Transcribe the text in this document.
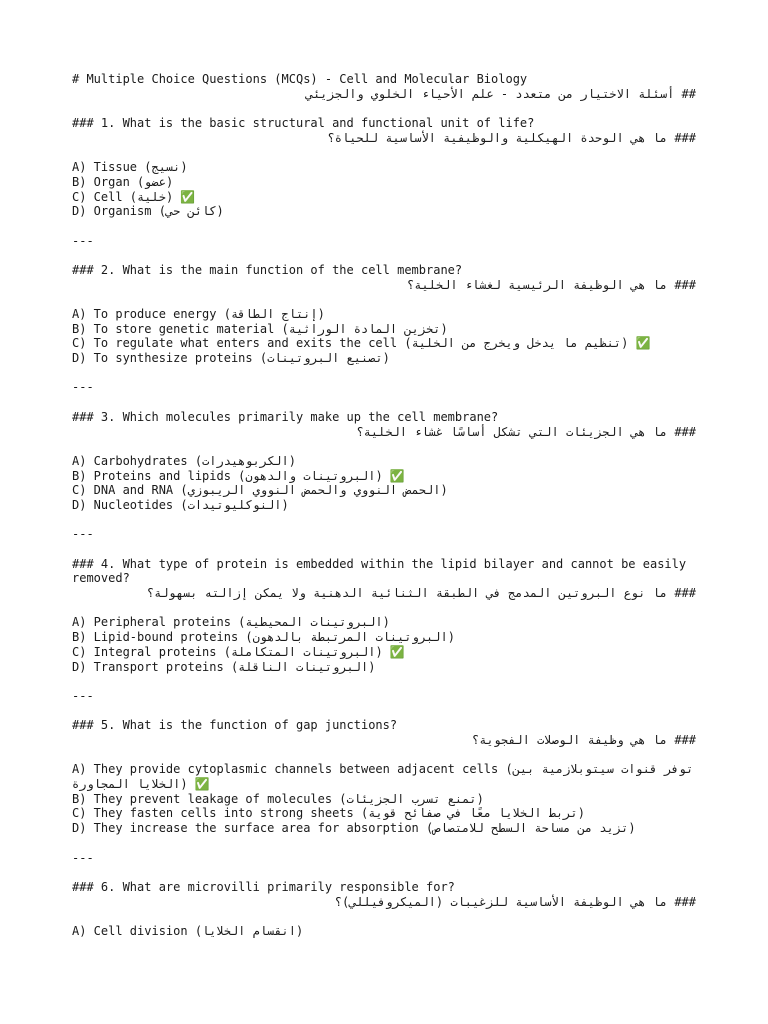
# Multiple Choice Questions (MCQs) - Cell and Molecular Biology
## أسئلة الاختيار من متعدد - علم الأحياء الخلوي والجزيئي
### 1. What is the basic structural and functional unit of life?
### ما هي الوحدة الهيكلية والوظيفية الأساسية للحياة؟
A) Tissue (نسيج)
B) Organ (عضو)
C) Cell (خلية) ✅
D) Organism (كائن حي)
---
### 2. What is the main function of the cell membrane?
### ما هي الوظيفة الرئيسية لغشاء الخلية؟
A) To produce energy (إنتاج الطاقة)
B) To store genetic material (تخزين المادة الوراثية)
C) To regulate what enters and exits the cell (تنظيم ما يدخل ويخرج من الخلية) ✅
D) To synthesize proteins (تصنيع البروتينات)
---
### 3. Which molecules primarily make up the cell membrane?
### ما هي الجزيئات التي تشكل أساسًا غشاء الخلية؟
A) Carbohydrates (الكربوهيدرات)
B) Proteins and lipids (البروتينات والدهون) ✅
C) DNA and RNA (الحمض النووي والحمض النووي الريبوزي)
D) Nucleotides (النوكليوتيدات)
---
### 4. What type of protein is embedded within the lipid bilayer and cannot be easily removed?
### ما نوع البروتين المدمج في الطبقة الثنائية الدهنية ولا يمكن إزالته بسهولة؟
A) Peripheral proteins (البروتينات المحيطية)
B) Lipid-bound proteins (البروتينات المرتبطة بالدهون)
C) Integral proteins (البروتينات المتكاملة) ✅
D) Transport proteins (البروتينات الناقلة)
---
### 5. What is the function of gap junctions?
### ما هي وظيفة الوصلات الفجوية؟
A) They provide cytoplasmic channels between adjacent cells (توفر قنوات سيتوبلازمية بين الخلايا المجاورة) ✅
B) They prevent leakage of molecules (تمنع تسرب الجزيئات)
C) They fasten cells into strong sheets (تربط الخلايا معًا في صفائح قوية)
D) They increase the surface area for absorption (تزيد من مساحة السطح للامتصاص)
---
### 6. What are microvilli primarily responsible for?
### ما هي الوظيفة الأساسية للزغيبات (الميكروفيللي)؟
A) Cell division (انقسام الخلايا)
